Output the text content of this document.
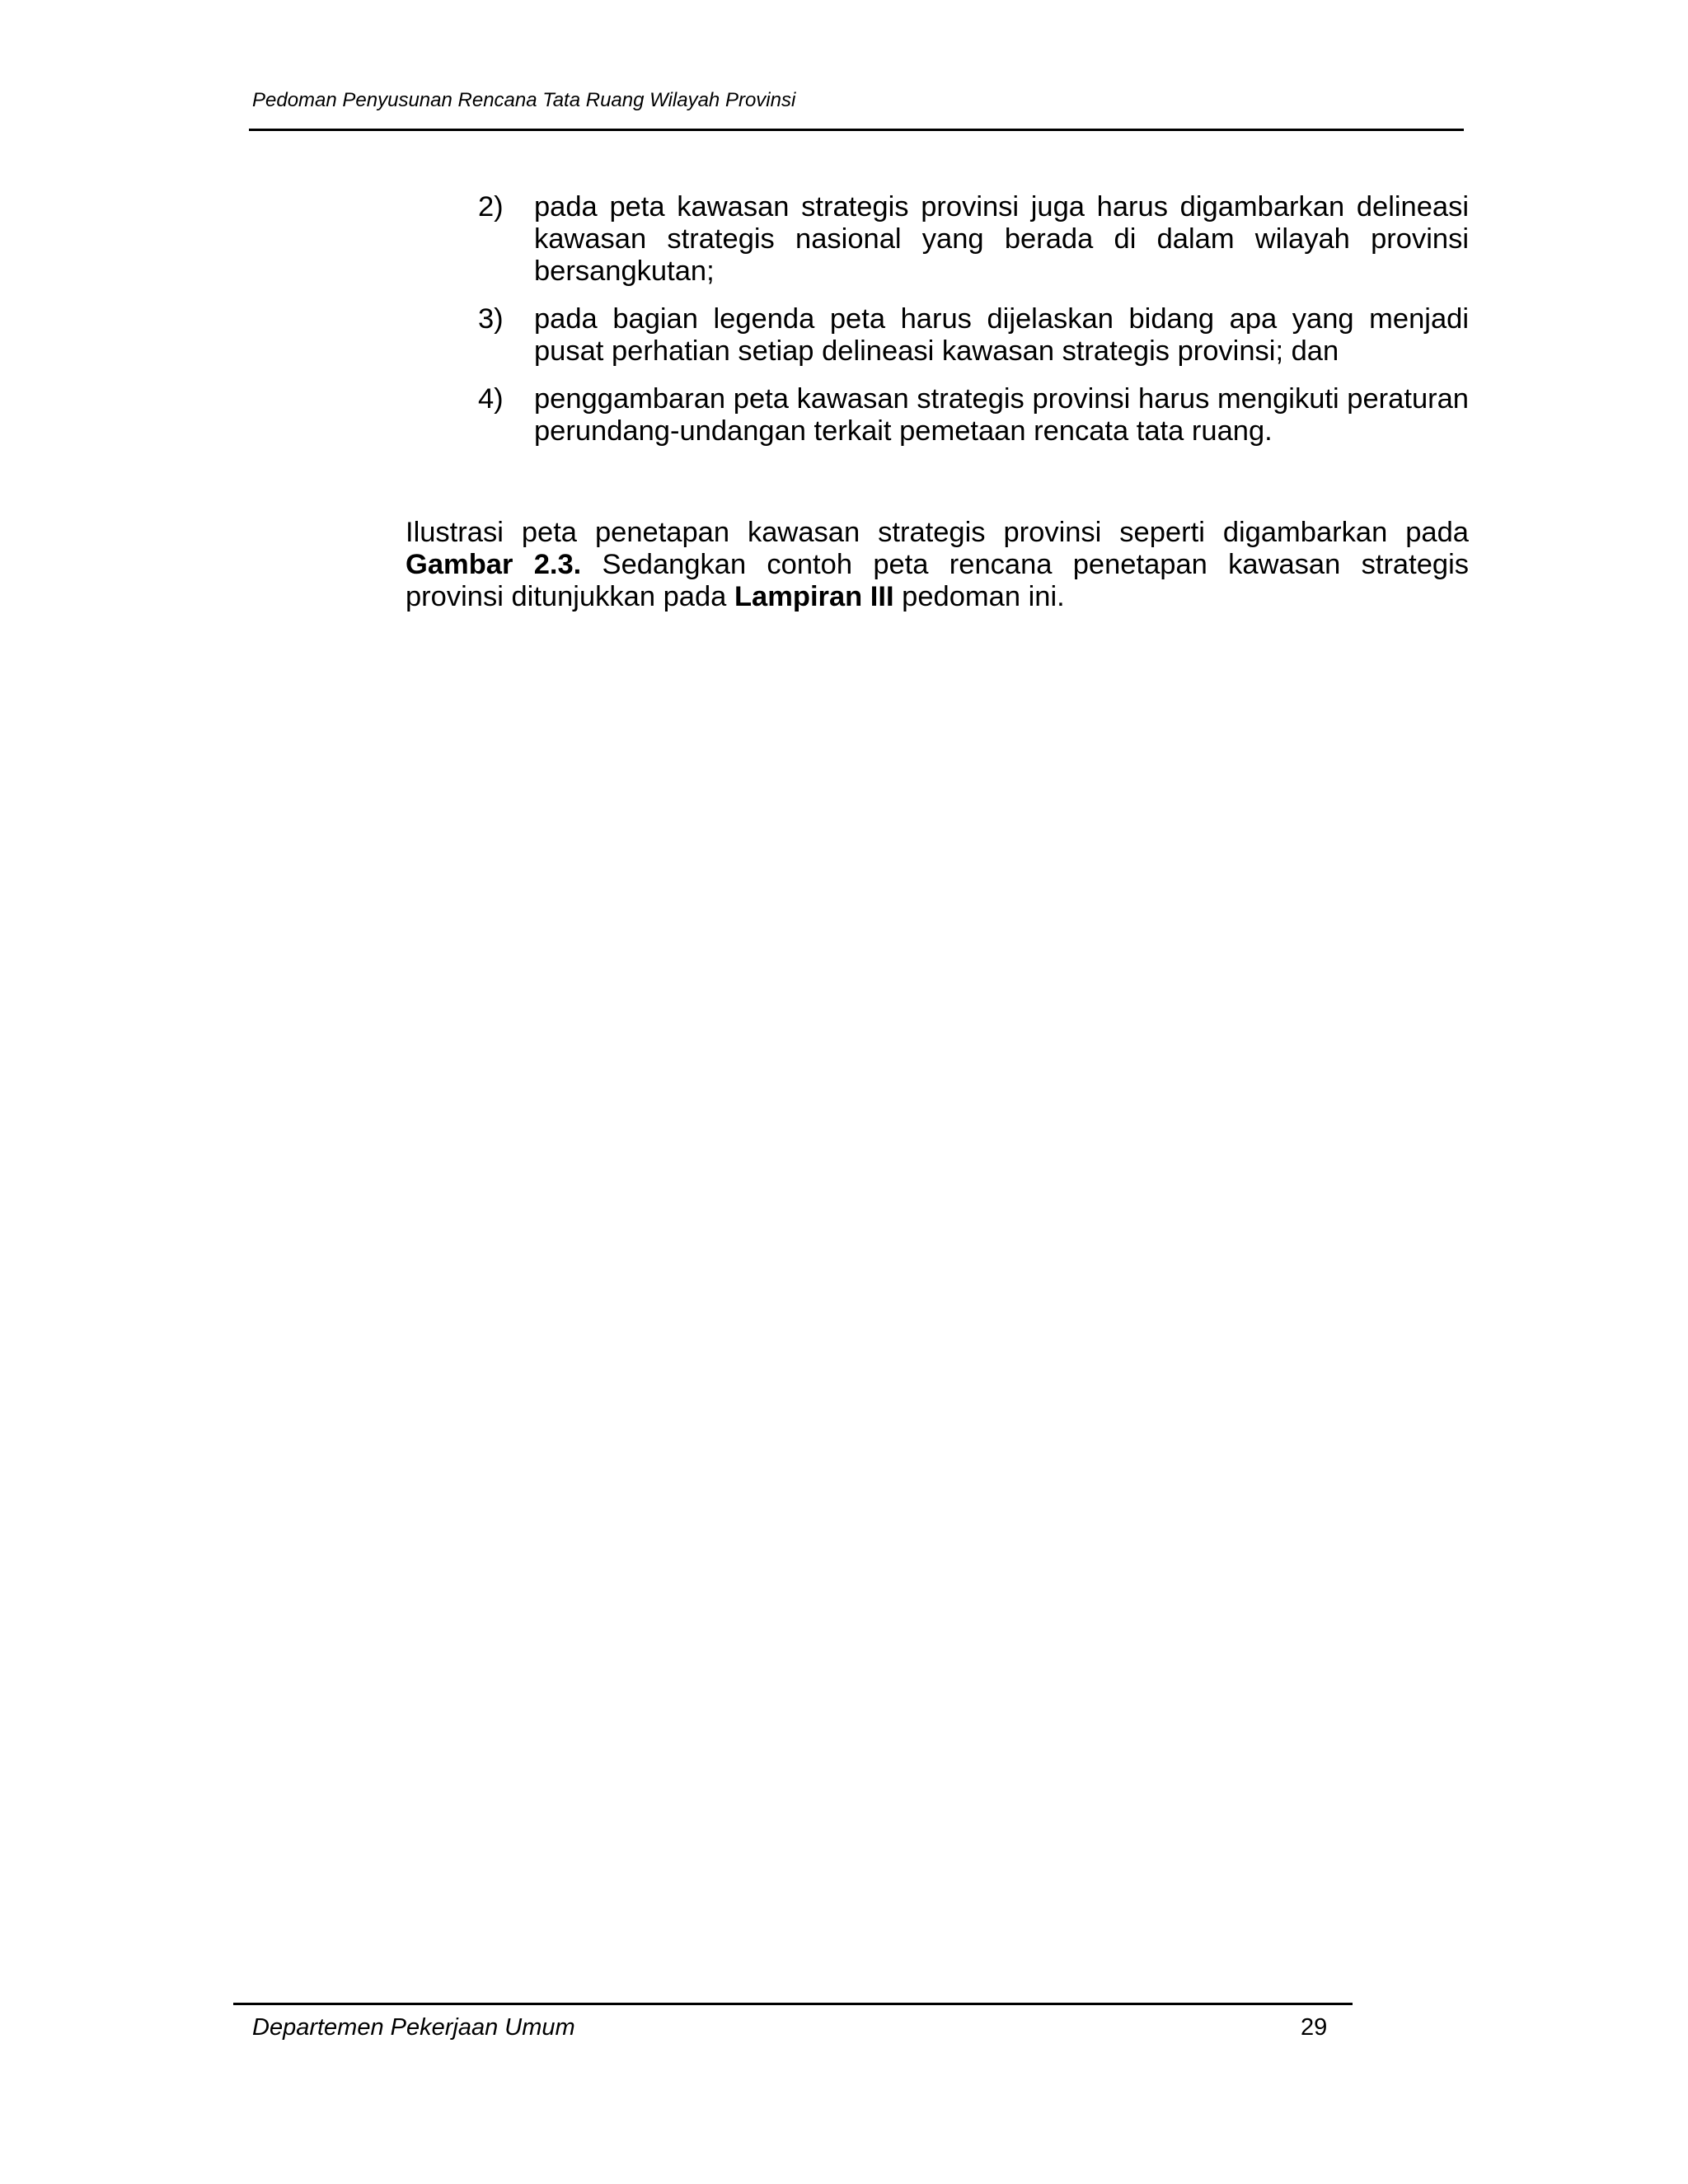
Pedoman Penyusunan Rencana Tata Ruang Wilayah Provinsi
2)	pada peta kawasan strategis provinsi juga harus digambarkan delineasi kawasan strategis nasional yang berada di dalam wilayah provinsi bersangkutan;
3)	pada bagian legenda peta harus dijelaskan bidang apa yang menjadi pusat perhatian setiap delineasi kawasan strategis provinsi; dan
4)	penggambaran peta kawasan strategis provinsi harus mengikuti peraturan perundang-undangan terkait pemetaan rencata tata ruang.

Ilustrasi peta penetapan kawasan strategis provinsi seperti digambarkan pada Gambar 2.3. Sedangkan contoh peta rencana penetapan kawasan strategis provinsi ditunjukkan pada Lampiran III pedoman ini.

Departemen Pekerjaan Umum	29
